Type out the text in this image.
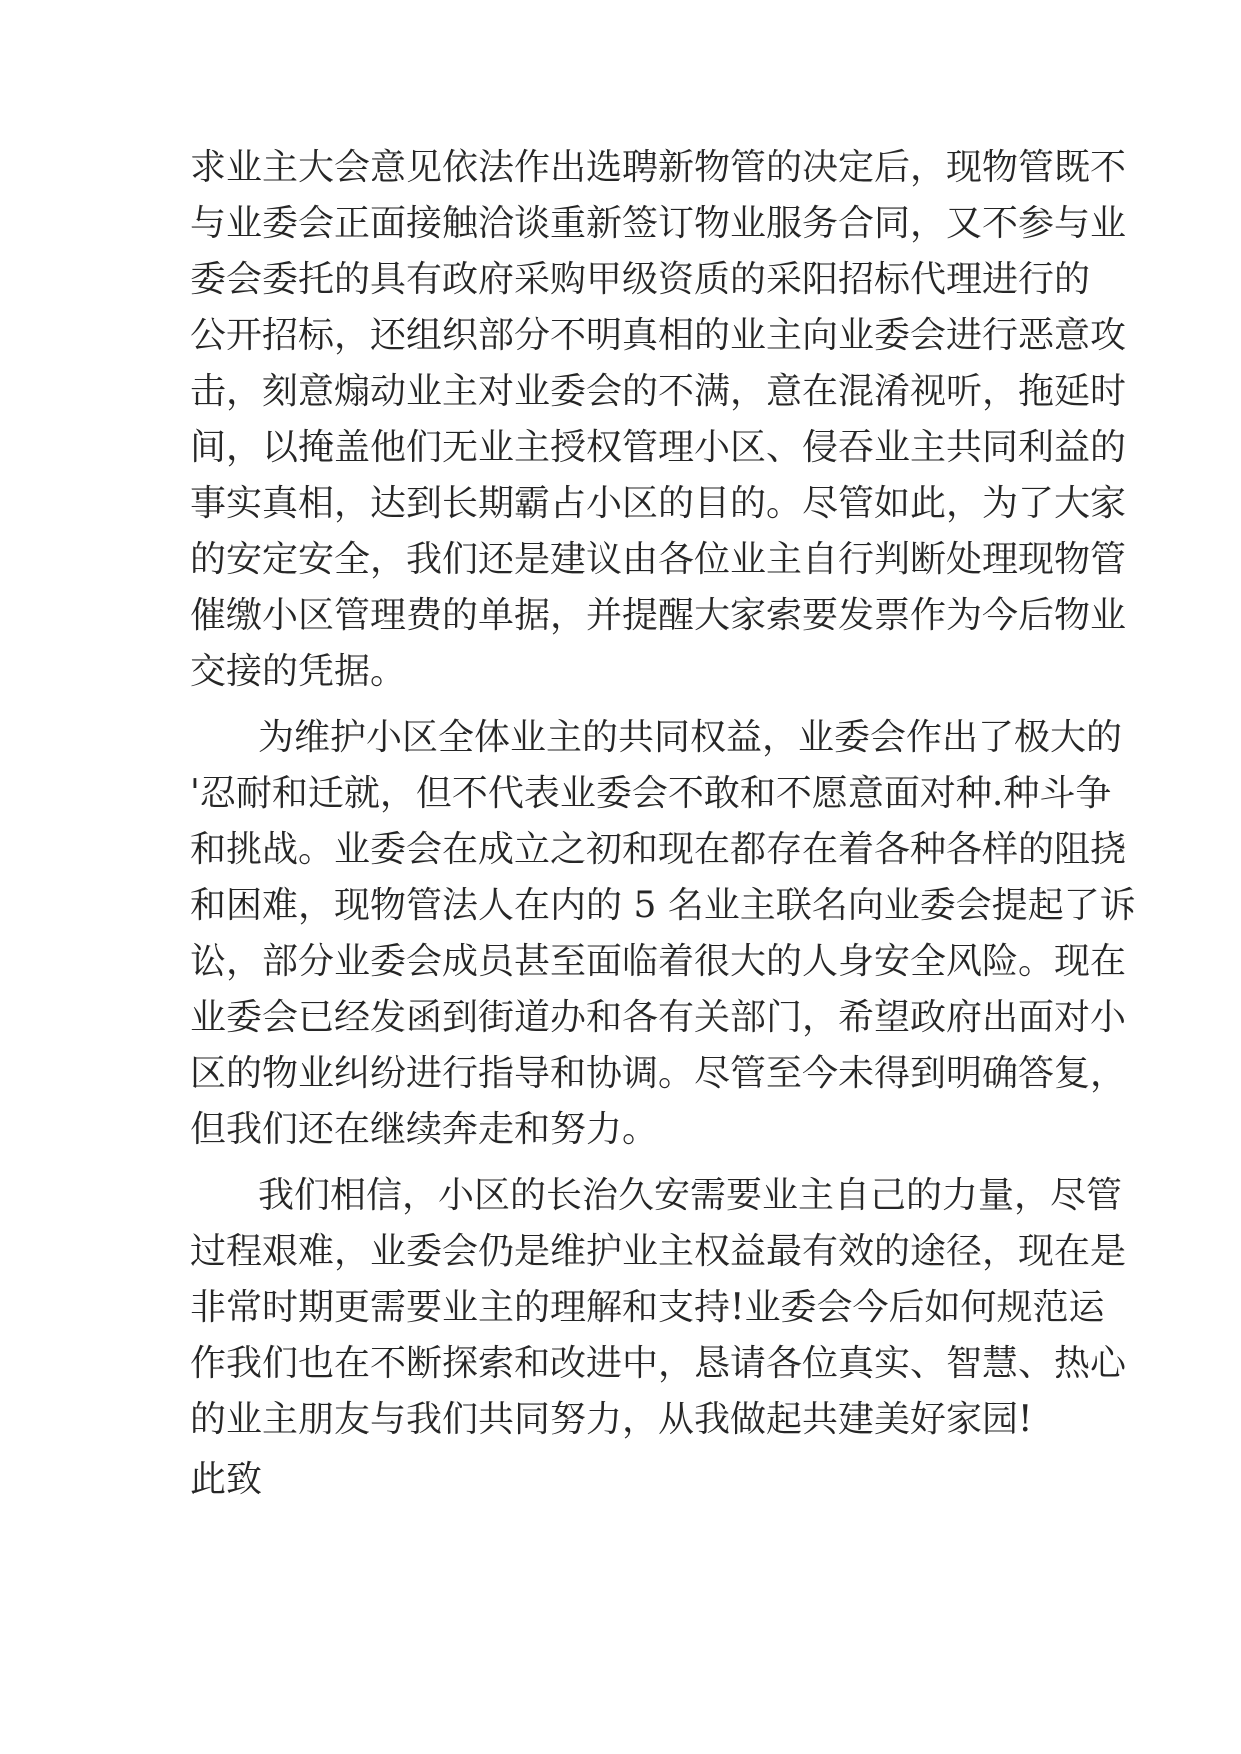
求业主大会意见依法作出选聘新物管的决定后，现物管既不
与业委会正面接触洽谈重新签订物业服务合同，又不参与业
委会委托的具有政府采购甲级资质的采阳招标代理进行的
公开招标，还组织部分不明真相的业主向业委会进行恶意攻
击，刻意煽动业主对业委会的不满，意在混淆视听，拖延时
间，以掩盖他们无业主授权管理小区、侵吞业主共同利益的
事实真相，达到长期霸占小区的目的。尽管如此，为了大家
的安定安全，我们还是建议由各位业主自行判断处理现物管
催缴小区管理费的单据，并提醒大家索要发票作为今后物业
交接的凭据。
为维护小区全体业主的共同权益，业委会作出了极大的
'忍耐和迁就，但不代表业委会不敢和不愿意面对种.种斗争
和挑战。业委会在成立之初和现在都存在着各种各样的阻挠
和困难，现物管法人在内的 5 名业主联名向业委会提起了诉
讼，部分业委会成员甚至面临着很大的人身安全风险。现在
业委会已经发函到街道办和各有关部门，希望政府出面对小
区的物业纠纷进行指导和协调。尽管至今未得到明确答复，
但我们还在继续奔走和努力。
我们相信，小区的长治久安需要业主自己的力量，尽管
过程艰难，业委会仍是维护业主权益最有效的途径，现在是
非常时期更需要业主的理解和支持!业委会今后如何规范运
作我们也在不断探索和改进中，恳请各位真实、智慧、热心
的业主朋友与我们共同努力，从我做起共建美好家园!
此致
